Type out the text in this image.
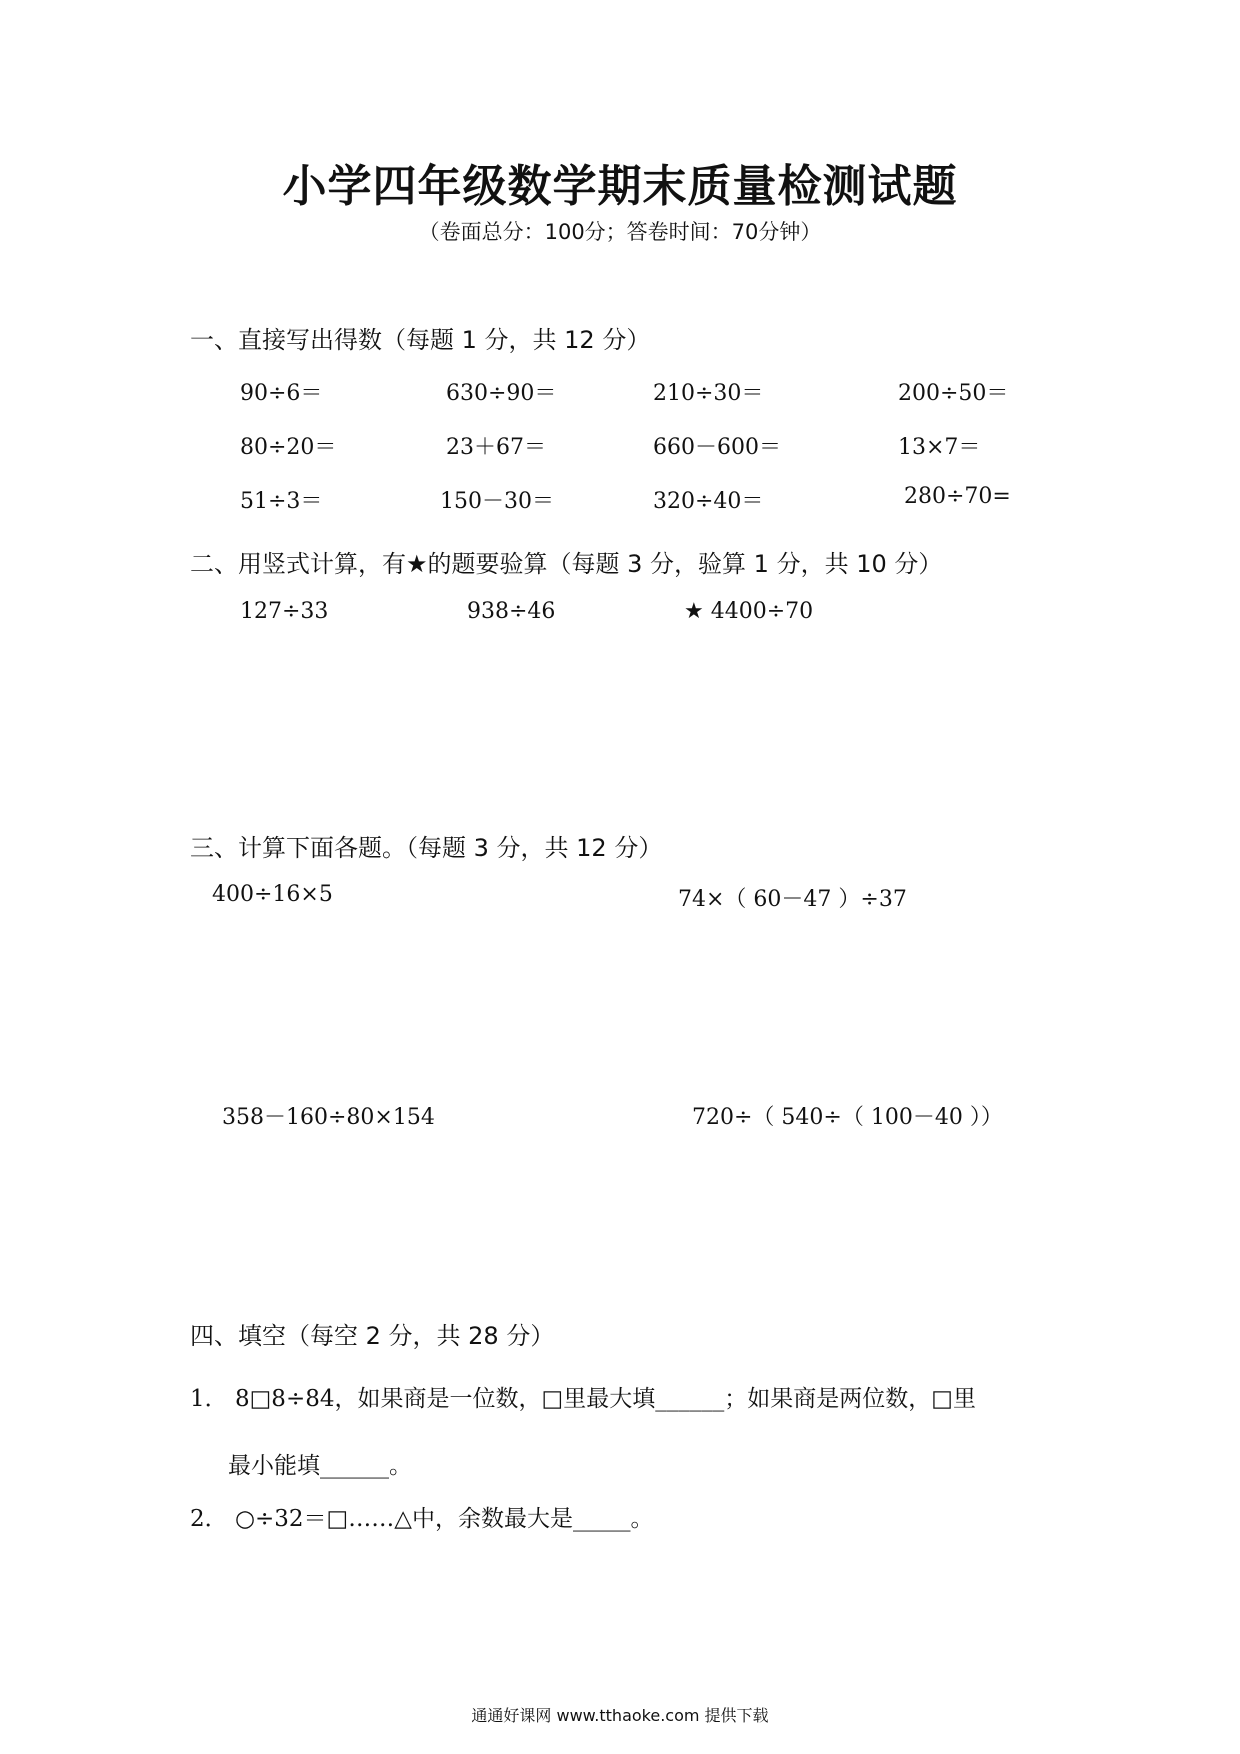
小学四年级数学期末质量检测试题
（卷面总分：100分；答卷时间：70分钟）
一、直接写出得数（每题 1 分，共 12 分）
90÷6＝	630÷90＝	210÷30＝	200÷50＝
80÷20＝	23＋67＝	660－600＝	13×7＝
51÷3＝	150－30＝	320÷40＝	280÷70=
二、用竖式计算，有★的题要验算（每题 3 分，验算 1 分，共 10 分）
127÷33	938÷46	★ 4400÷70
三、计算下面各题。（每题 3 分，共 12 分）
400÷16×5	74×（ 60－47 ）÷37
358－160÷80×154	720÷（ 540÷（ 100－40 ））
四、填空（每空 2 分，共 28 分）
1． 8□8÷84，如果商是一位数，□里最大填______；如果商是两位数，□里
最小能填______。
2． ○÷32＝□……△中，余数最大是_____。
通通好课网 www.tthaoke.com 提供下载
